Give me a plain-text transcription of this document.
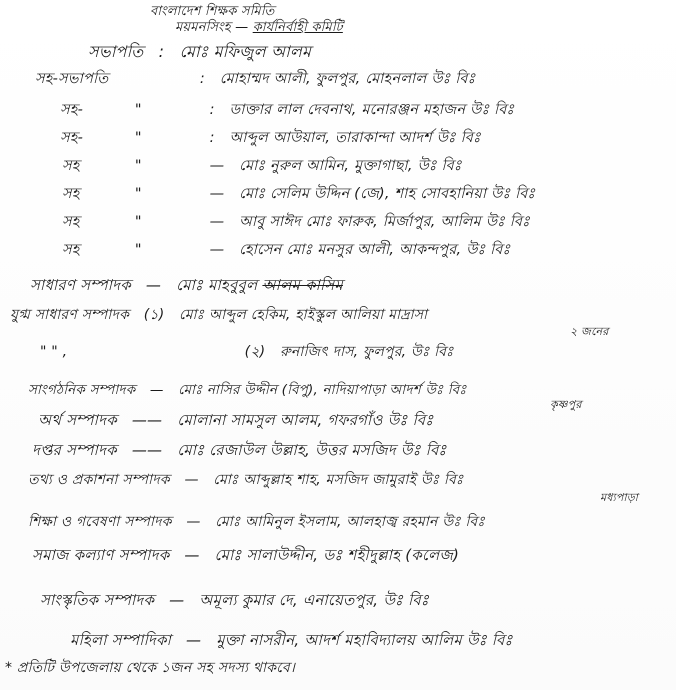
বাংলাদেশ শিক্ষক সমিতি
ময়মনসিংহ — কার্যনির্বাহী কমিটি
সভাপতি : মোঃ মফিজুল আলম
সহ-সভাপতি	: মোহাম্মদ আলী, ফুলপুর, মোহনলাল উঃ বিঃ
সহ-	"	: ডাক্তার লাল দেবনাথ, মনোরঞ্জন মহাজন উঃ বিঃ
সহ-	"	: আব্দুল আউয়াল, তারাকান্দা আদর্শ উঃ বিঃ
সহ	"	— মোঃ নুরুল আমিন, মুক্তাগাছা, উঃ বিঃ
সহ	"	— মোঃ সেলিম উদ্দিন (জে), শাহ সোবহানিয়া উঃ বিঃ
সহ	"	— আবু সাঈদ মোঃ ফারুক, মির্জাপুর, আলিম উঃ বিঃ
সহ	"	— হোসেন মোঃ মনসুর আলী, আকন্দপুর, উঃ বিঃ
সাধারণ সম্পাদক — মোঃ মাহবুবুল আলম কাসিম
যুগ্ম সাধারণ সম্পাদক (১) মোঃ আব্দুল হেকিম, হাইস্কুল আলিয়া মাদ্রাসা
২ জনের
" " ,	(২) রুনাজিৎ দাস, ফুলপুর, উঃ বিঃ
সাংগঠনিক সম্পাদক — মোঃ নাসির উদ্দীন (বিপু), নাদিয়াপাড়া আদর্শ উঃ বিঃ
কৃষ্ণপুর
অর্থ সম্পাদক —— মোলানা সামসুল আলম, গফরগাঁও উঃ বিঃ
দপ্তর সম্পাদক —— মোঃ রেজাউল উল্লাহ, উত্তর মসজিদ উঃ বিঃ
তথ্য ও প্রকাশনা সম্পাদক — মোঃ আব্দুল্লাহ শাহ, মসজিদ জামুরাই উঃ বিঃ
মধ্যপাড়া
শিক্ষা ও গবেষণা সম্পাদক — মোঃ আমিনুল ইসলাম, আলহাজ্ব রহমান উঃ বিঃ
সমাজ কল্যাণ সম্পাদক — মোঃ সালাউদ্দীন, ডঃ শহীদুল্লাহ (কলেজ)
সাংস্কৃতিক সম্পাদক — অমূল্য কুমার দে, এনায়েতপুর, উঃ বিঃ
মহিলা সম্পাদিকা — মুক্তা নাসরীন, আদর্শ মহাবিদ্যালয় আলিম উঃ বিঃ
* প্রতিটি উপজেলায় থেকে ১জন সহ সদস্য থাকবে।
